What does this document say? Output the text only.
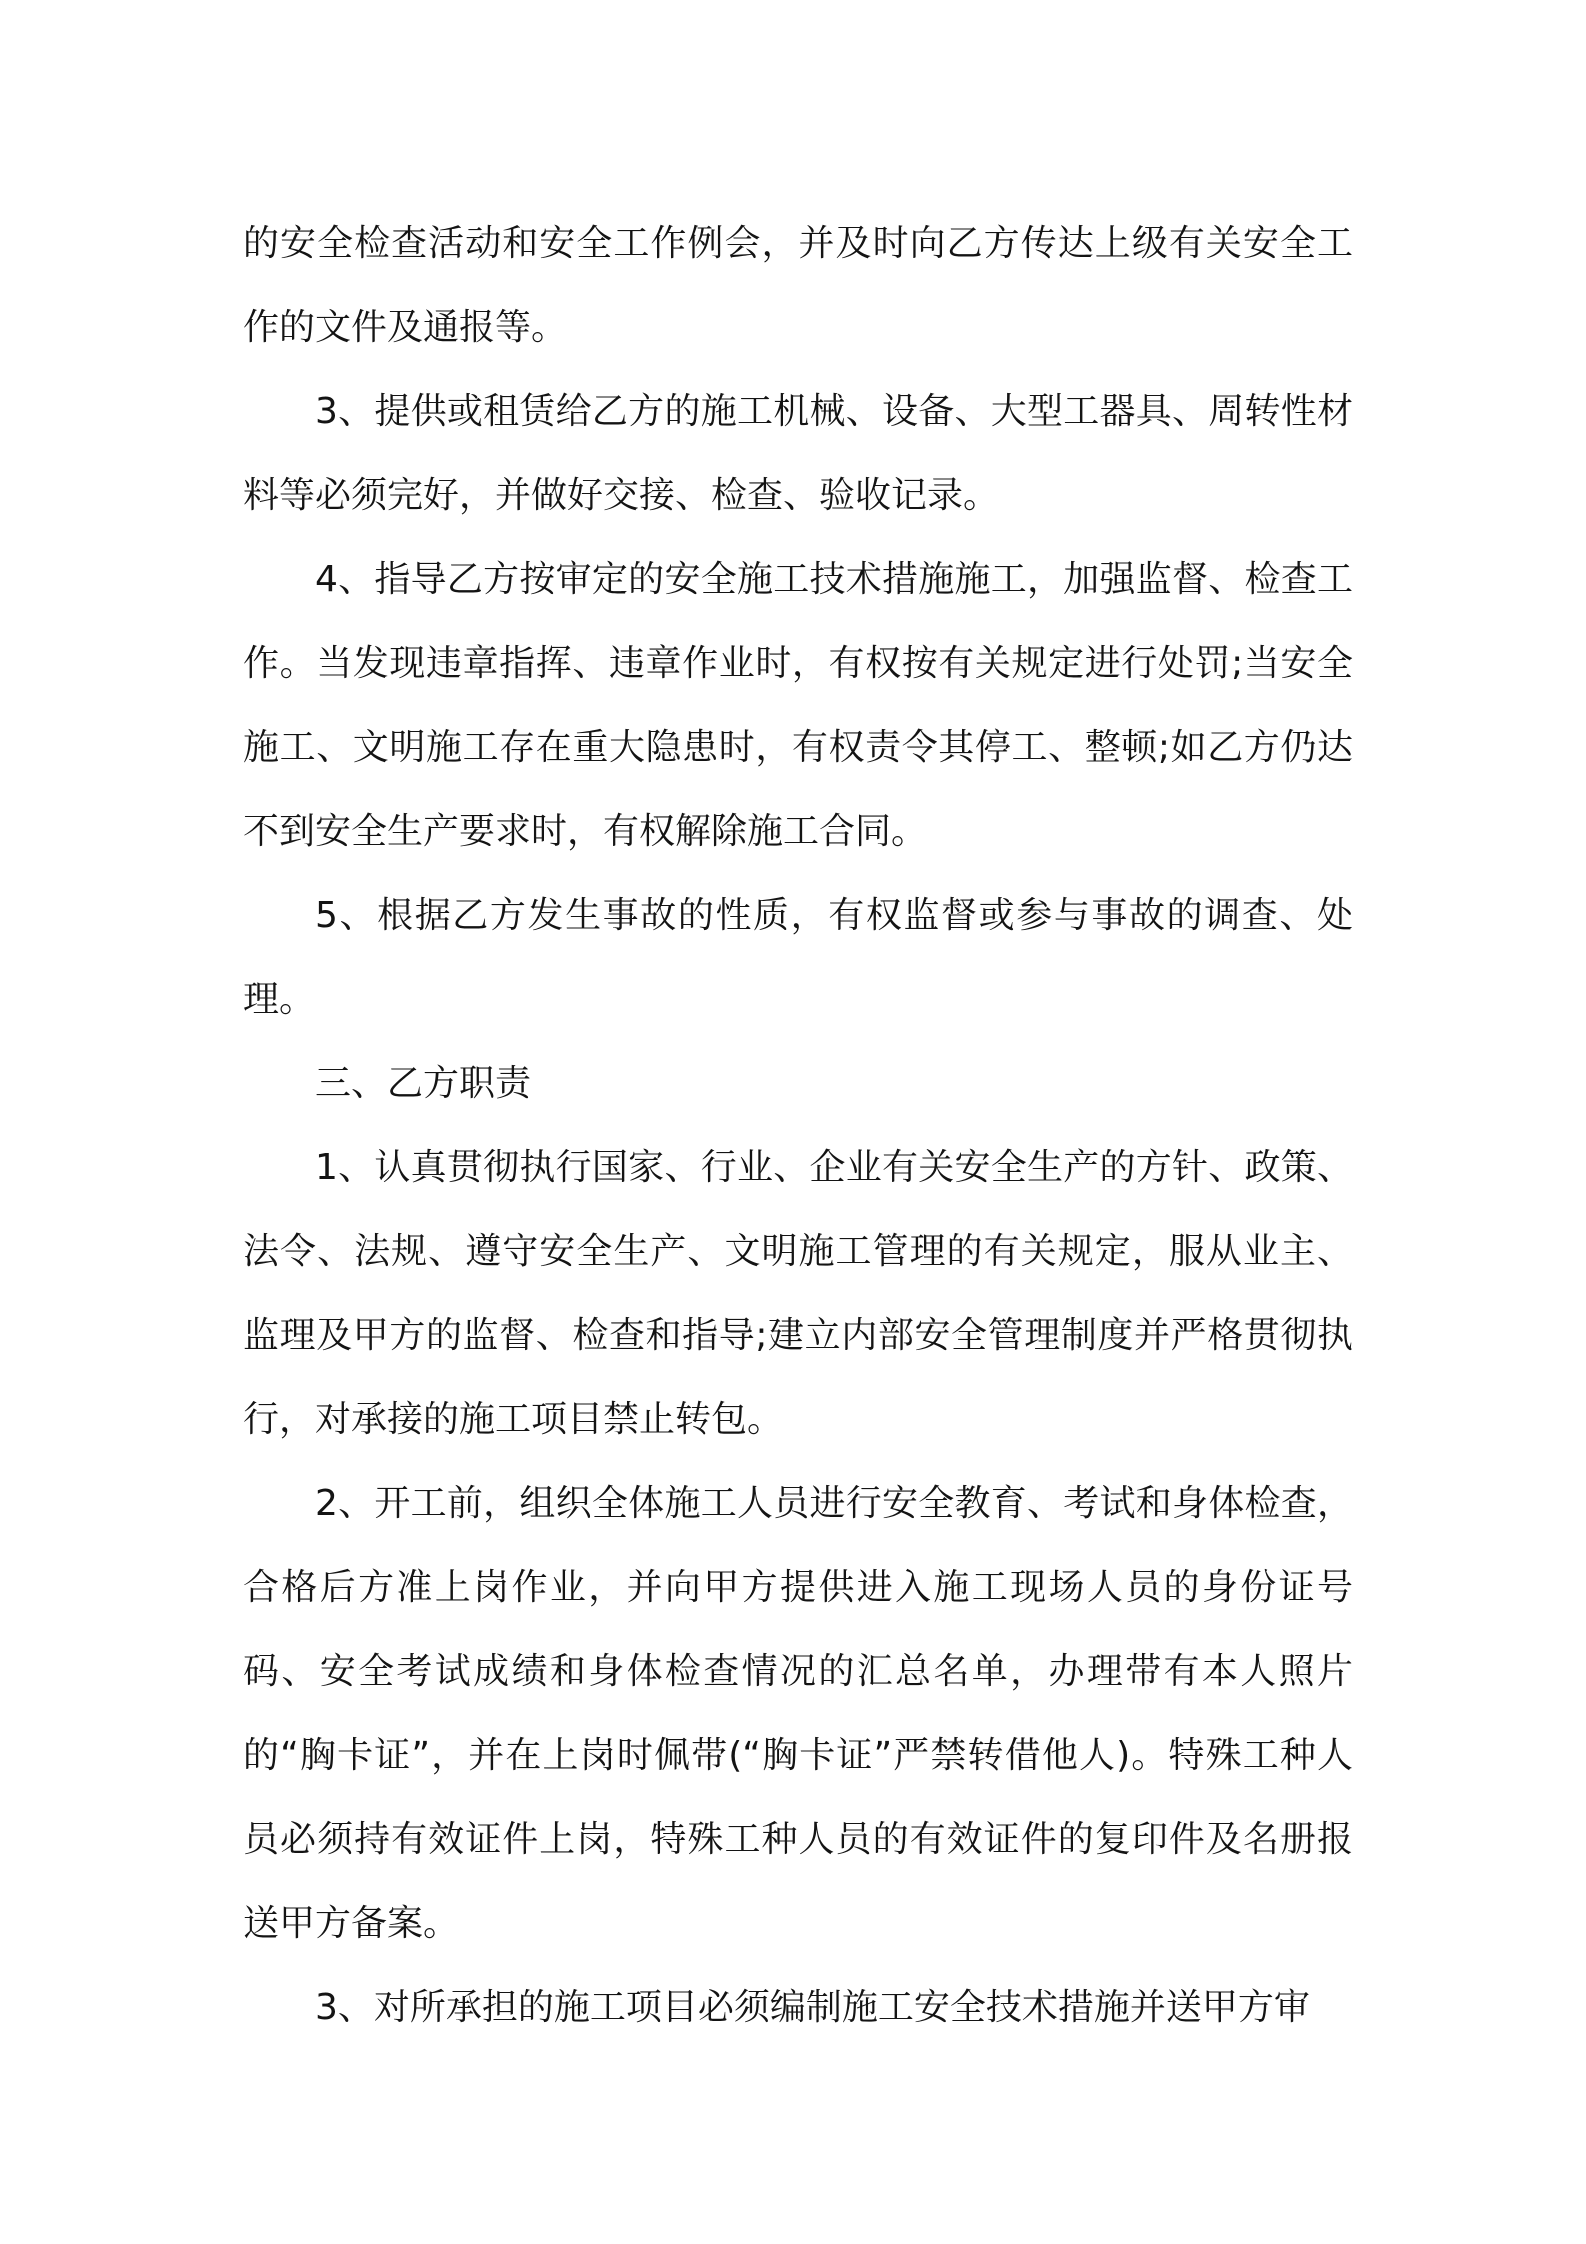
的安全检查活动和安全工作例会，并及时向乙方传达上级有关安全工作的文件及通报等。

3、提供或租赁给乙方的施工机械、设备、大型工器具、周转性材料等必须完好，并做好交接、检查、验收记录。

4、指导乙方按审定的安全施工技术措施施工，加强监督、检查工作。当发现违章指挥、违章作业时，有权按有关规定进行处罚;当安全施工、文明施工存在重大隐患时，有权责令其停工、整顿;如乙方仍达不到安全生产要求时，有权解除施工合同。

5、根据乙方发生事故的性质，有权监督或参与事故的调查、处理。

三、乙方职责

1、认真贯彻执行国家、行业、企业有关安全生产的方针、政策、法令、法规、遵守安全生产、文明施工管理的有关规定，服从业主、监理及甲方的监督、检查和指导;建立内部安全管理制度并严格贯彻执行，对承接的施工项目禁止转包。

2、开工前，组织全体施工人员进行安全教育、考试和身体检查，合格后方准上岗作业，并向甲方提供进入施工现场人员的身份证号码、安全考试成绩和身体检查情况的汇总名单，办理带有本人照片的“胸卡证”，并在上岗时佩带(“胸卡证”严禁转借他人)。特殊工种人员必须持有效证件上岗，特殊工种人员的有效证件的复印件及名册报送甲方备案。

3、对所承担的施工项目必须编制施工安全技术措施并送甲方审
